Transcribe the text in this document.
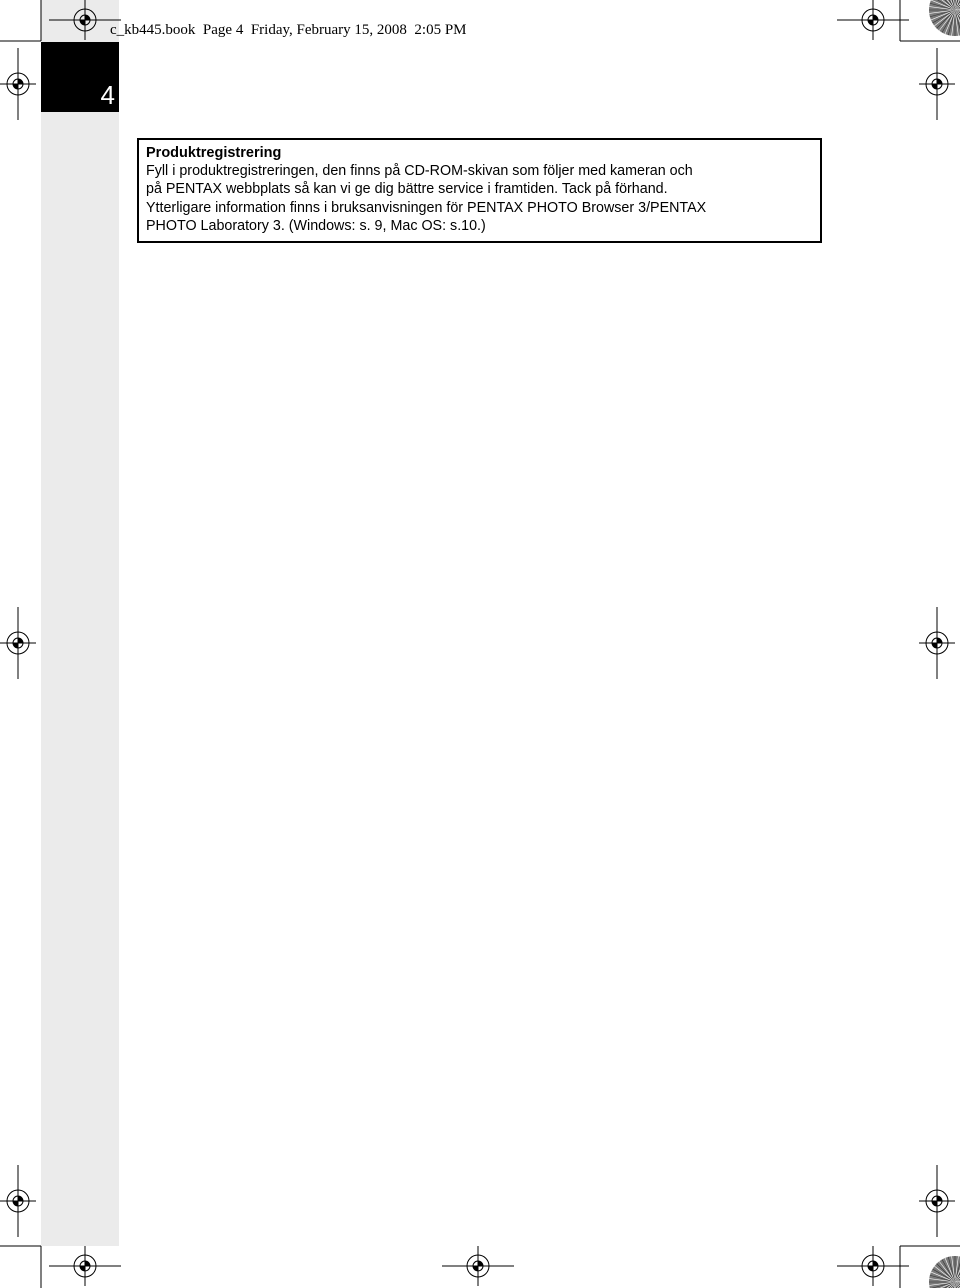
4
c_kb445.book  Page 4  Friday, February 15, 2008  2:05 PM
Produktregistrering
Fyll i produktregistreringen, den finns på CD-ROM-skivan som följer med kameran och
på PENTAX webbplats så kan vi ge dig bättre service i framtiden. Tack på förhand.
Ytterligare information finns i bruksanvisningen för PENTAX PHOTO Browser 3/PENTAX
PHOTO Laboratory 3. (Windows: s. 9, Mac OS: s.10.)
